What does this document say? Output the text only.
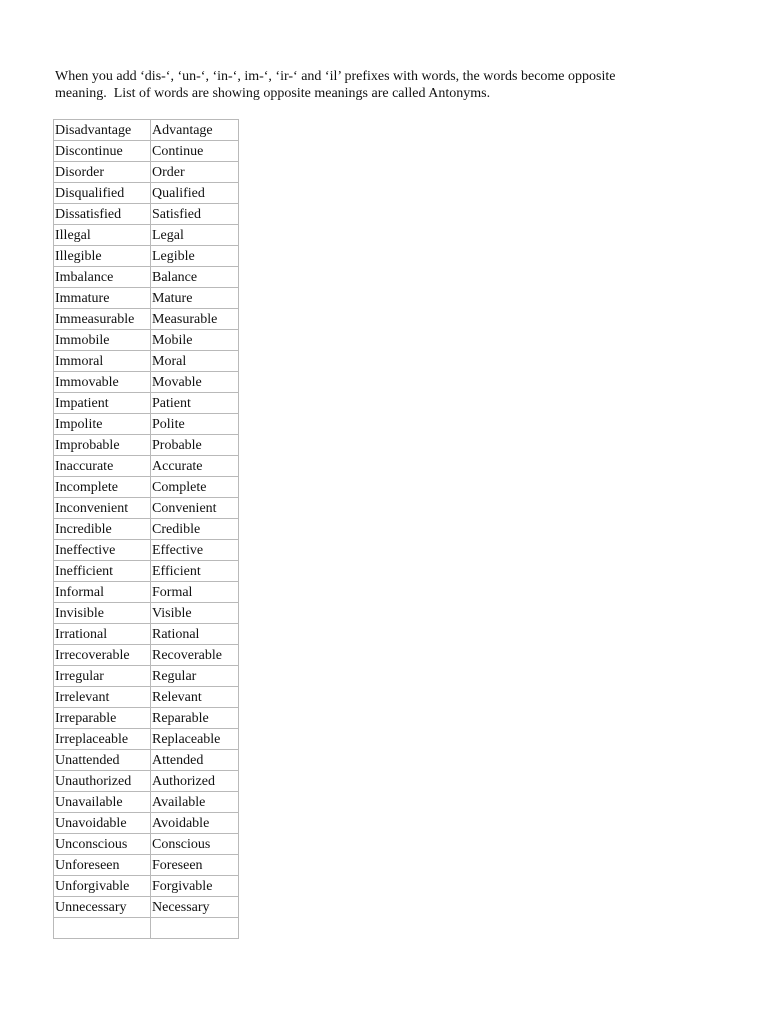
When you add ‘dis-‘, ‘un-‘, ‘in-‘, im-‘, ‘ir-‘ and ‘il’ prefixes with words, the words become opposite

meaning.  List of words are showing opposite meanings are called Antonyms.

Disadvantage	Advantage
Discontinue	Continue
Disorder	Order
Disqualified	Qualified
Dissatisfied	Satisfied
Illegal	Legal
Illegible	Legible
Imbalance	Balance
Immature	Mature
Immeasurable	Measurable
Immobile	Mobile
Immoral	Moral
Immovable	Movable
Impatient	Patient
Impolite	Polite
Improbable	Probable
Inaccurate	Accurate
Incomplete	Complete
Inconvenient	Convenient
Incredible	Credible
Ineffective	Effective
Inefficient	Efficient
Informal	Formal
Invisible	Visible
Irrational	Rational
Irrecoverable	Recoverable
Irregular	Regular
Irrelevant	Relevant
Irreparable	Reparable
Irreplaceable	Replaceable
Unattended	Attended
Unauthorized	Authorized
Unavailable	Available
Unavoidable	Avoidable
Unconscious	Conscious
Unforeseen	Foreseen
Unforgivable	Forgivable
Unnecessary	Necessary
